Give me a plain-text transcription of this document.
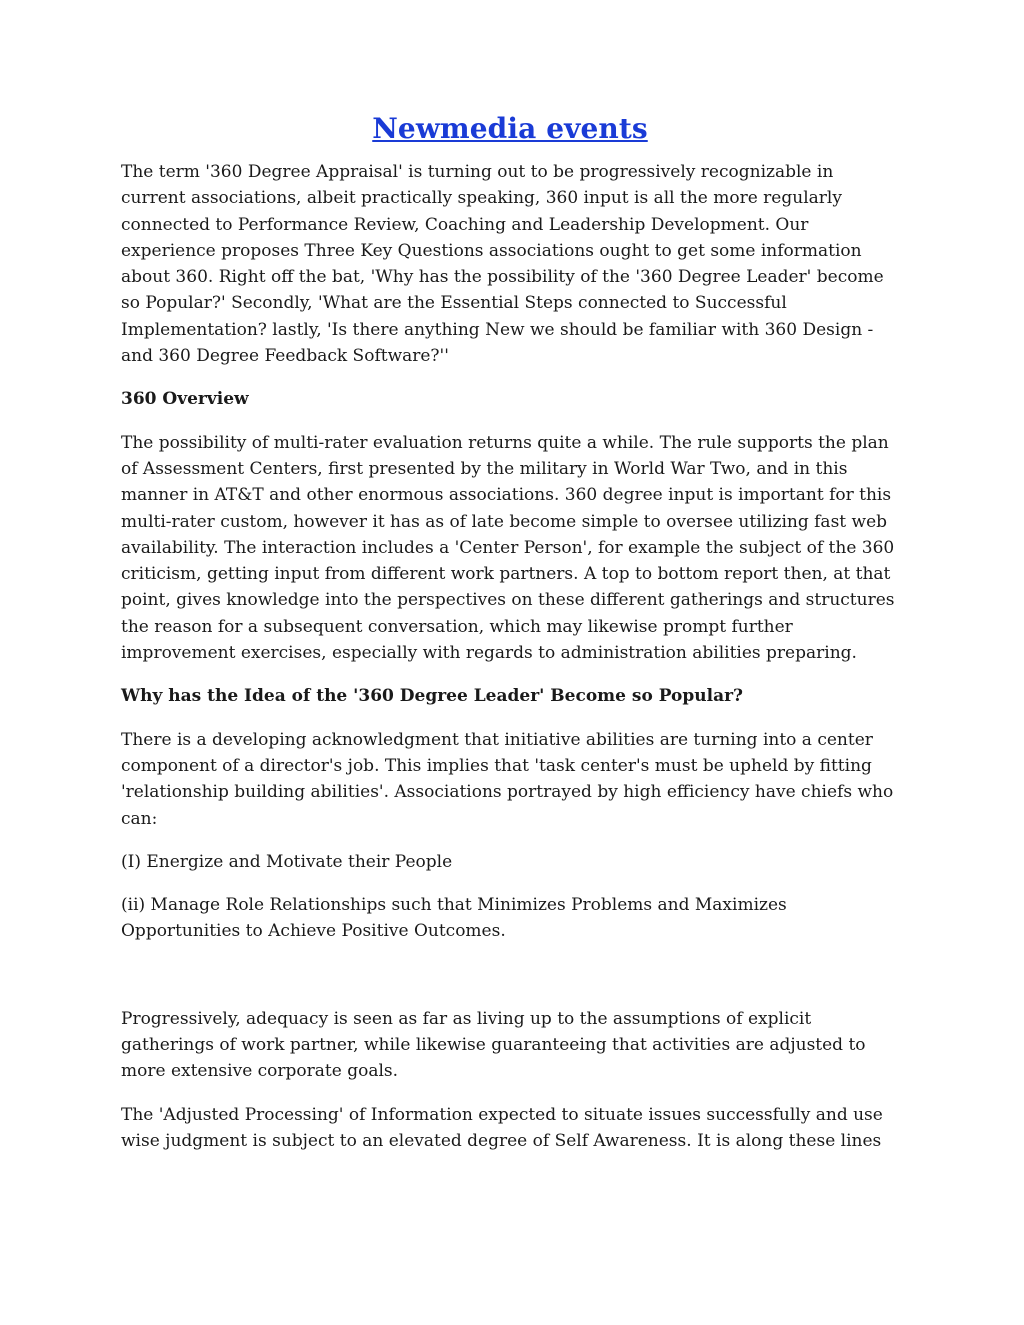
Newmedia events

The term '360 Degree Appraisal' is turning out to be progressively recognizable in current associations, albeit practically speaking, 360 input is all the more regularly connected to Performance Review, Coaching and Leadership Development. Our experience proposes Three Key Questions associations ought to get some information about 360. Right off the bat, 'Why has the possibility of the '360 Degree Leader' become so Popular?' Secondly, 'What are the Essential Steps connected to Successful Implementation? lastly, 'Is there anything New we should be familiar with 360 Design - and 360 Degree Feedback Software?''

360 Overview

The possibility of multi-rater evaluation returns quite a while. The rule supports the plan of Assessment Centers, first presented by the military in World War Two, and in this manner in AT&T and other enormous associations. 360 degree input is important for this multi-rater custom, however it has as of late become simple to oversee utilizing fast web availability. The interaction includes a 'Center Person', for example the subject of the 360 criticism, getting input from different work partners. A top to bottom report then, at that point, gives knowledge into the perspectives on these different gatherings and structures the reason for a subsequent conversation, which may likewise prompt further improvement exercises, especially with regards to administration abilities preparing.

Why has the Idea of the '360 Degree Leader' Become so Popular?

There is a developing acknowledgment that initiative abilities are turning into a center component of a director's job. This implies that 'task center's must be upheld by fitting 'relationship building abilities'. Associations portrayed by high efficiency have chiefs who can:

(I) Energize and Motivate their People

(ii) Manage Role Relationships such that Minimizes Problems and Maximizes Opportunities to Achieve Positive Outcomes.

Progressively, adequacy is seen as far as living up to the assumptions of explicit gatherings of work partner, while likewise guaranteeing that activities are adjusted to more extensive corporate goals.

The 'Adjusted Processing' of Information expected to situate issues successfully and use wise judgment is subject to an elevated degree of Self Awareness. It is along these lines
